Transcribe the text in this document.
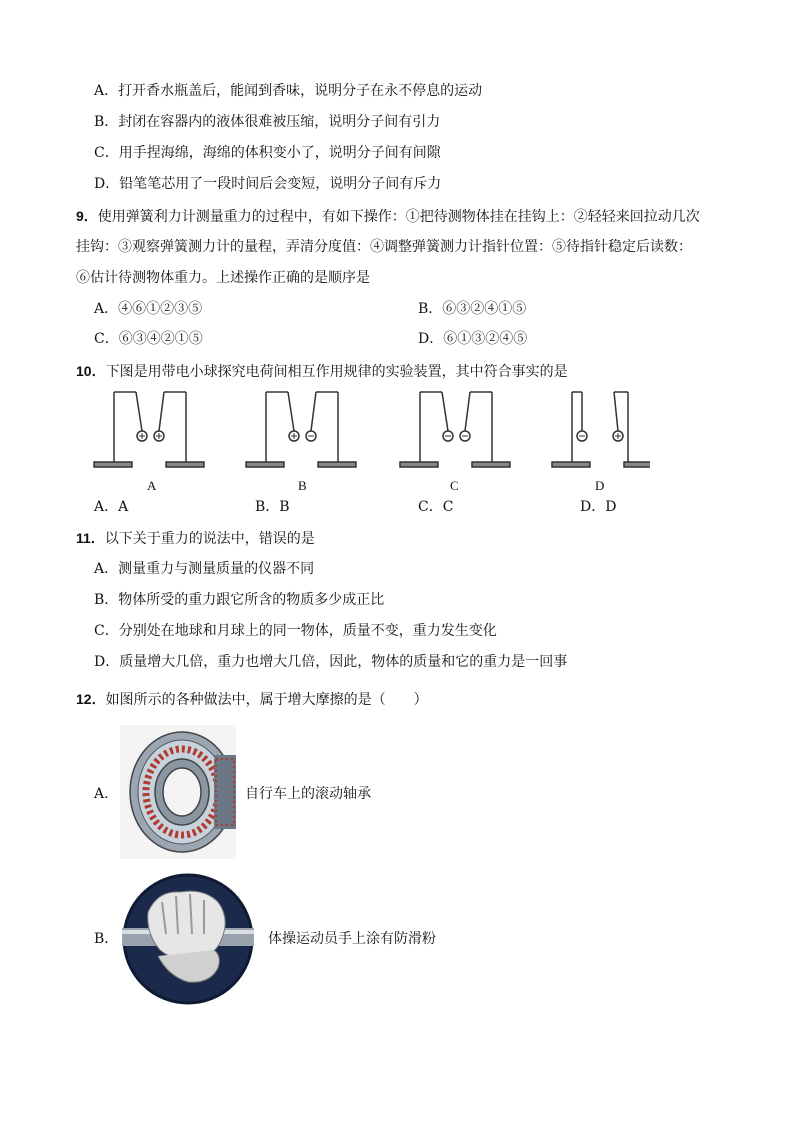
A．打开香水瓶盖后，能闻到香味，说明分子在永不停息的运动
B．封闭在容器内的液体很难被压缩，说明分子间有引力
C．用手捏海绵，海绵的体积变小了，说明分子间有间隙
D．铅笔笔芯用了一段时间后会变短，说明分子间有斥力
9．使用弹簧利力计测量重力的过程中，有如下操作：①把待测物体挂在挂钩上：②轻轻来回拉动几次
挂钩：③观察弹簧测力计的量程，弄清分度值：④调整弹簧测力计指针位置：⑤待指针稳定后读数：
⑥估计待测物体重力。上述操作正确的是顺序是
A．④⑥①②③⑤	B．⑥③②④①⑤
C．⑥③④②①⑤	D．⑥①③②④⑤
10．下图是用带电小球探究电荷间相互作用规律的实验装置，其中符合事实的是
A	B	C	D
A．A	B．B	C．C	D．D
11．以下关于重力的说法中，错误的是
A．测量重力与测量质量的仪器不同
B．物体所受的重力跟它所含的物质多少成正比
C．分别处在地球和月球上的同一物体，质量不变，重力发生变化
D．质量增大几倍，重力也增大几倍，因此，物体的质量和它的重力是一回事
12．如图所示的各种做法中，属于增大摩擦的是（　　）
A．	自行车上的滚动轴承
B．	体操运动员手上涂有防滑粉
